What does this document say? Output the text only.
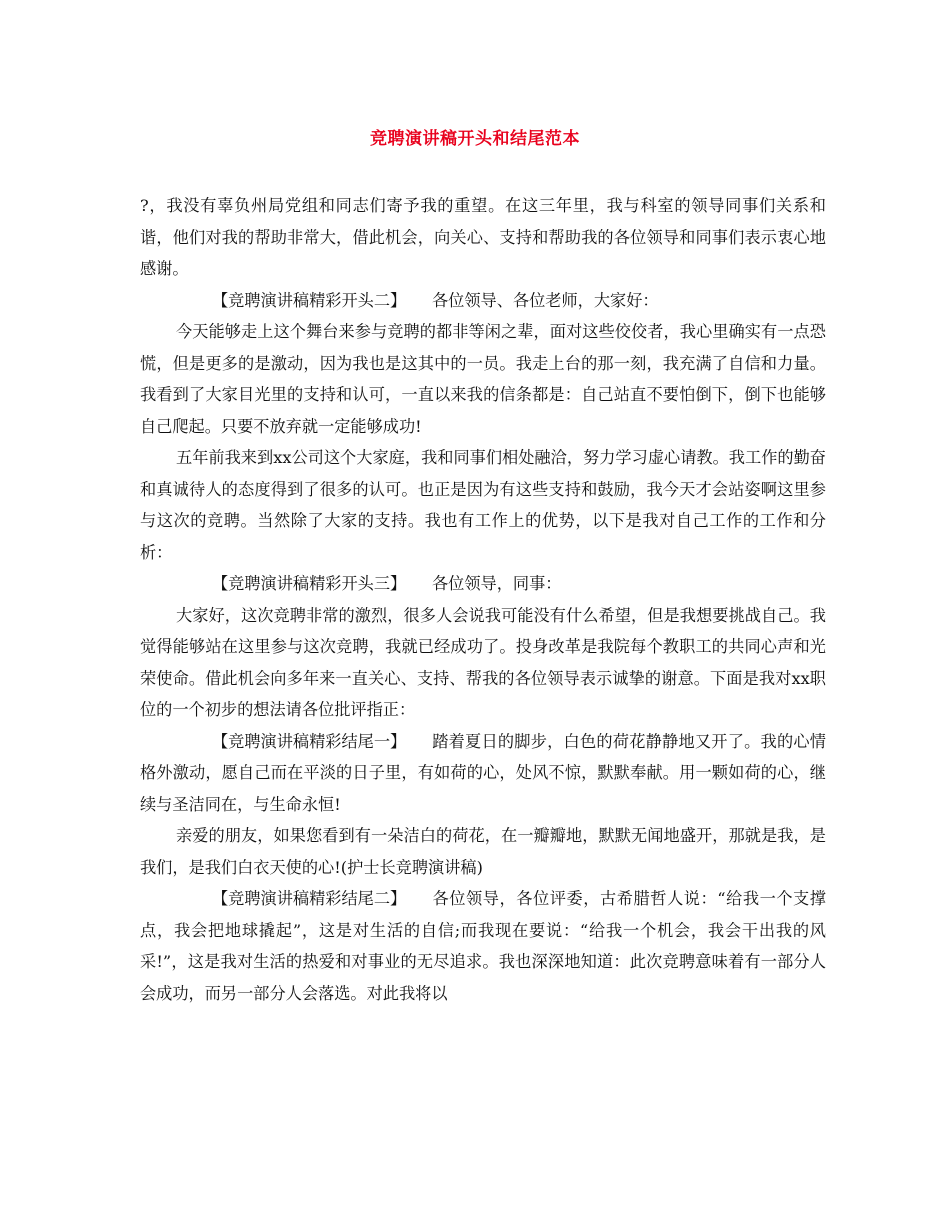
竞聘演讲稿开头和结尾范本

?，我没有辜负州局党组和同志们寄予我的重望。在这三年里，我与科室的领导同事们关系和谐，他们对我的帮助非常大，借此机会，向关心、支持和帮助我的各位领导和同事们表示衷心地感谢。

【竞聘演讲稿精彩开头二】 各位领导、各位老师，大家好：

今天能够走上这个舞台来参与竞聘的都非等闲之辈，面对这些佼佼者，我心里确实有一点恐慌，但是更多的是激动，因为我也是这其中的一员。我走上台的那一刻，我充满了自信和力量。我看到了大家目光里的支持和认可，一直以来我的信条都是：自己站直不要怕倒下，倒下也能够自己爬起。只要不放弃就一定能够成功!

五年前我来到xx公司这个大家庭，我和同事们相处融洽，努力学习虚心请教。我工作的勤奋和真诚待人的态度得到了很多的认可。也正是因为有这些支持和鼓励，我今天才会站姿啊这里参与这次的竞聘。当然除了大家的支持。我也有工作上的优势，以下是我对自己工作的工作和分析：

【竞聘演讲稿精彩开头三】 各位领导，同事：

大家好，这次竞聘非常的激烈，很多人会说我可能没有什么希望，但是我想要挑战自己。我觉得能够站在这里参与这次竞聘，我就已经成功了。投身改革是我院每个教职工的共同心声和光荣使命。借此机会向多年来一直关心、支持、帮我的各位领导表示诚挚的谢意。下面是我对xx职位的一个初步的想法请各位批评指正：

【竞聘演讲稿精彩结尾一】 踏着夏日的脚步，白色的荷花静静地又开了。我的心情格外激动，愿自己而在平淡的日子里，有如荷的心，处风不惊，默默奉献。用一颗如荷的心，继续与圣洁同在，与生命永恒!

亲爱的朋友，如果您看到有一朵洁白的荷花，在一瓣瓣地，默默无闻地盛开，那就是我，是我们，是我们白衣天使的心!(护士长竞聘演讲稿)

【竞聘演讲稿精彩结尾二】 各位领导，各位评委，古希腊哲人说：“给我一个支撑点，我会把地球撬起”，这是对生活的自信;而我现在要说：“给我一个机会，我会干出我的风采!”，这是我对生活的热爱和对事业的无尽追求。我也深深地知道：此次竞聘意味着有一部分人会成功，而另一部分人会落选。对此我将以
